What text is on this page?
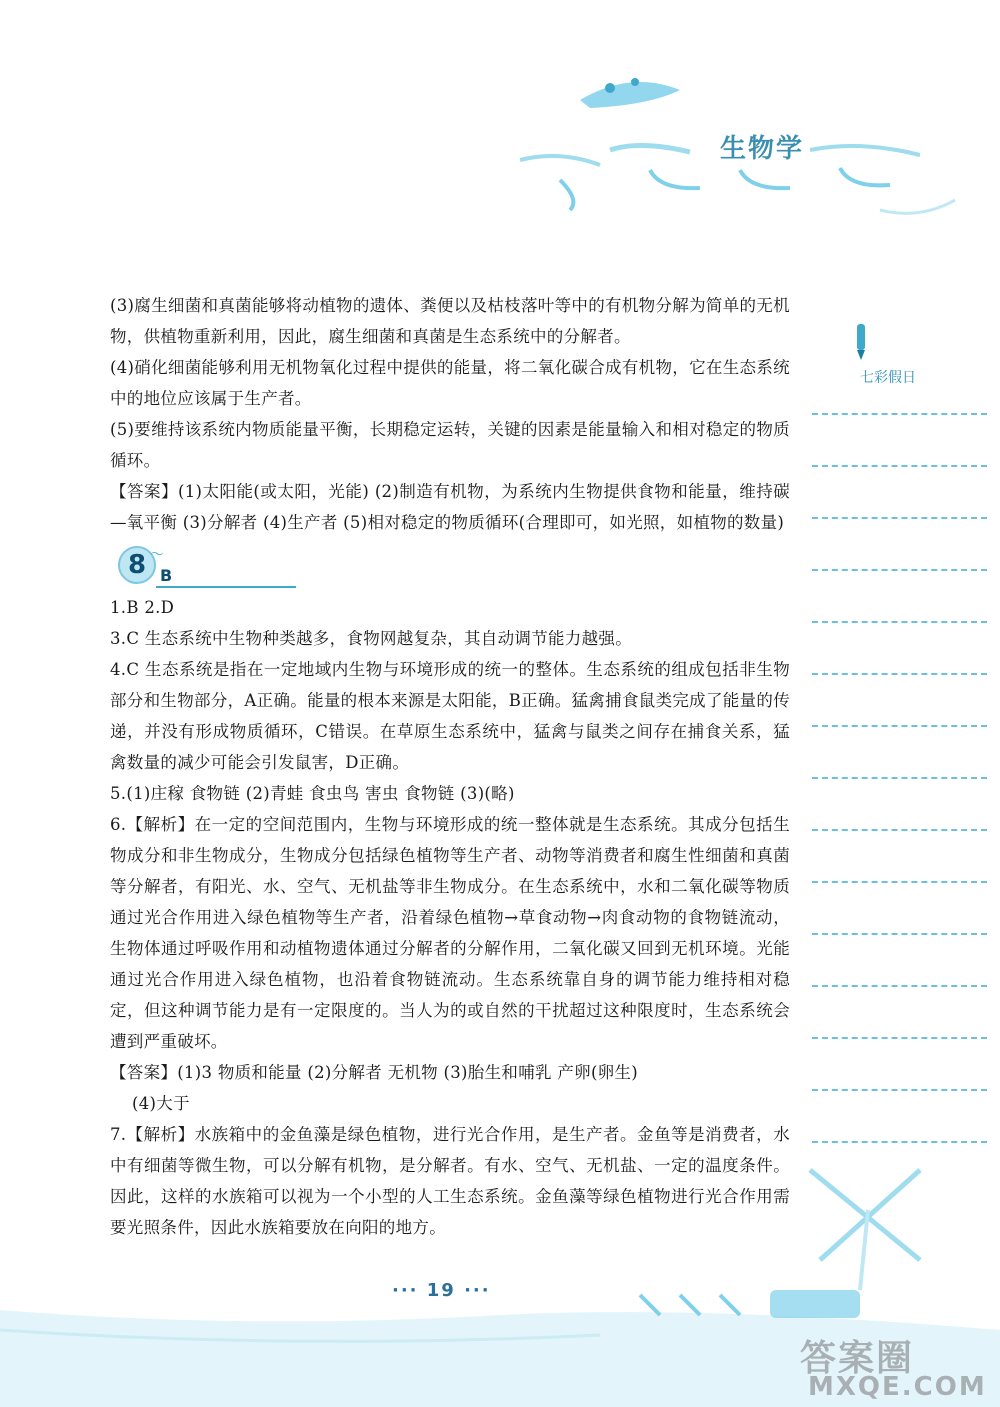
生物学

(3)腐生细菌和真菌能够将动植物的遗体、粪便以及枯枝落叶等中的有机物分解为简单的无机物，供植物重新利用，因此，腐生细菌和真菌是生态系统中的分解者。

(4)硝化细菌能够利用无机物氧化过程中提供的能量，将二氧化碳合成有机物，它在生态系统中的地位应该属于生产者。

(5)要维持该系统内物质能量平衡，长期稳定运转，关键的因素是能量输入和相对稳定的物质循环。

【答案】(1)太阳能(或太阳，光能) (2)制造有机物，为系统内生物提供食物和能量，维持碳—氧平衡 (3)分解者 (4)生产者 (5)相对稳定的物质循环(合理即可，如光照，如植物的数量)

8 〜
B

1.B 2.D

3.C 生态系统中生物种类越多，食物网越复杂，其自动调节能力越强。

4.C 生态系统是指在一定地域内生物与环境形成的统一的整体。生态系统的组成包括非生物部分和生物部分，A正确。能量的根本来源是太阳能，B正确。猛禽捕食鼠类完成了能量的传递，并没有形成物质循环，C错误。在草原生态系统中，猛禽与鼠类之间存在捕食关系，猛禽数量的减少可能会引发鼠害，D正确。

5.(1)庄稼 食物链 (2)青蛙 食虫鸟 害虫 食物链 (3)(略)

6.【解析】在一定的空间范围内，生物与环境形成的统一整体就是生态系统。其成分包括生物成分和非生物成分，生物成分包括绿色植物等生产者、动物等消费者和腐生性细菌和真菌等分解者，有阳光、水、空气、无机盐等非生物成分。在生态系统中，水和二氧化碳等物质通过光合作用进入绿色植物等生产者，沿着绿色植物→草食动物→肉食动物的食物链流动，生物体通过呼吸作用和动植物遗体通过分解者的分解作用，二氧化碳又回到无机环境。光能通过光合作用进入绿色植物，也沿着食物链流动。生态系统靠自身的调节能力维持相对稳定，但这种调节能力是有一定限度的。当人为的或自然的干扰超过这种限度时，生态系统会遭到严重破坏。

【答案】(1)3 物质和能量 (2)分解者 无机物 (3)胎生和哺乳 产卵(卵生)

(4)大于

7.【解析】水族箱中的金鱼藻是绿色植物，进行光合作用，是生产者。金鱼等是消费者，水中有细菌等微生物，可以分解有机物，是分解者。有水、空气、无机盐、一定的温度条件。因此，这样的水族箱可以视为一个小型的人工生态系统。金鱼藻等绿色植物进行光合作用需要光照条件，因此水族箱要放在向阳的地方。

七彩假日
··· 19 ···
答案圈
MXQE.COM
